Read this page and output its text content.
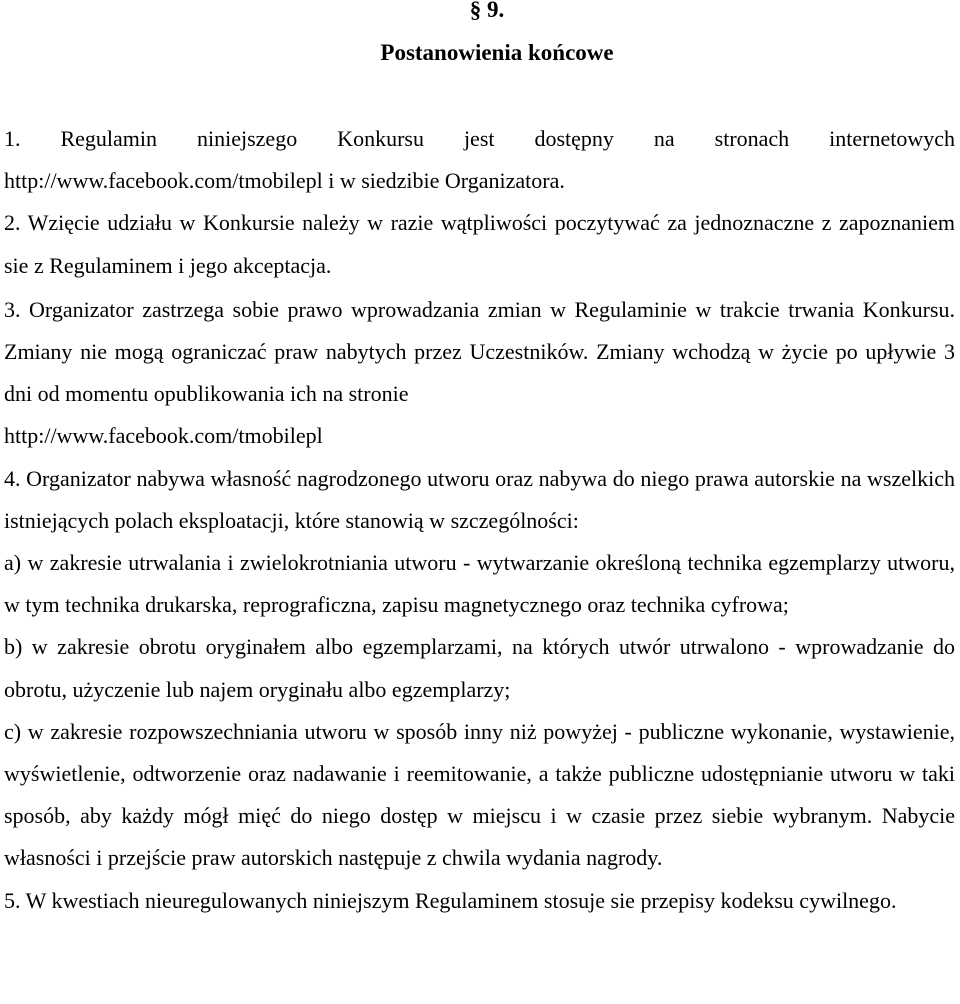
§ 9.
Postanowienia końcowe

1. Regulamin niniejszego Konkursu jest dostępny na stronach internetowych http://www.facebook.com/tmobilepl i w siedzibie Organizatora.

2. Wzięcie udziału w Konkursie należy w razie wątpliwości poczytywać za jednoznaczne z zapoznaniem sie z Regulaminem i jego akceptacja.

3. Organizator zastrzega sobie prawo wprowadzania zmian w Regulaminie w trakcie trwania Konkursu. Zmiany nie mogą ograniczać praw nabytych przez Uczestników. Zmiany wchodzą w życie po upływie 3 dni od momentu opublikowania ich na stronie

http://www.facebook.com/tmobilepl

4. Organizator nabywa własność nagrodzonego utworu oraz nabywa do niego prawa autorskie na wszelkich istniejących polach eksploatacji, które stanowią w szczególności:

a) w zakresie utrwalania i zwielokrotniania utworu - wytwarzanie określoną technika egzemplarzy utworu, w tym technika drukarska, reprograficzna, zapisu magnetycznego oraz technika cyfrowa;

b) w zakresie obrotu oryginałem albo egzemplarzami, na których utwór utrwalono - wprowadzanie do obrotu, użyczenie lub najem oryginału albo egzemplarzy;

c) w zakresie rozpowszechniania utworu w sposób inny niż powyżej - publiczne wykonanie, wystawienie, wyświetlenie, odtworzenie oraz nadawanie i reemitowanie, a także publiczne udostępnianie utworu w taki sposób, aby każdy mógł mięć do niego dostęp w miejscu i w czasie przez siebie wybranym. Nabycie własności i przejście praw autorskich następuje z chwila wydania nagrody.

5. W kwestiach nieuregulowanych niniejszym Regulaminem stosuje sie przepisy kodeksu cywilnego.
